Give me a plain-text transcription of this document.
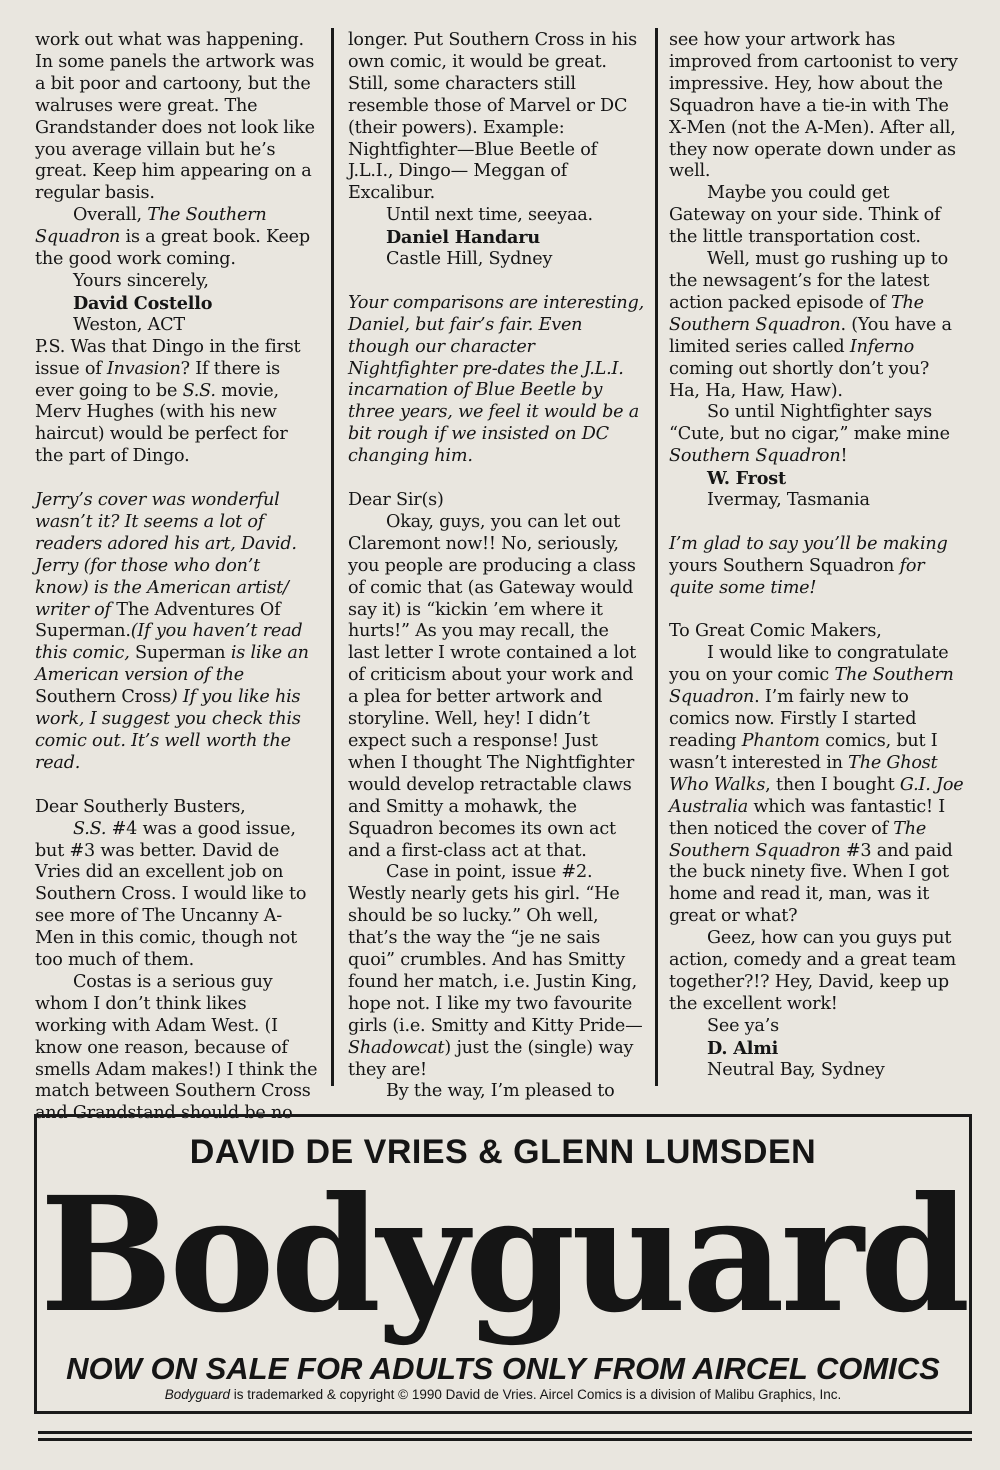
work out what was happening. In some panels the artwork was a bit poor and cartoony, but the walruses were great. The Grandstander does not look like you average villain but he’s great. Keep him appearing on a regular basis.

Overall, The Southern Squadron is a great book. Keep the good work coming.

Yours sincerely,

David Costello

Weston, ACT

P.S. Was that Dingo in the first issue of Invasion? If there is ever going to be S.S. movie, Merv Hughes (with his new haircut) would be perfect for the part of Dingo.

Jerry’s cover was wonderful wasn’t it? It seems a lot of readers adored his art, David. Jerry (for those who don’t know) is the American artist/ writer of The Adventures Of Superman.(If you haven’t read this comic, Superman is like an American version of the Southern Cross) If you like his work, I suggest you check this comic out. It’s well worth the read.

Dear Southerly Busters,

S.S. #4 was a good issue, but #3 was better. David de Vries did an excellent job on Southern Cross. I would like to see more of The Uncanny A-Men in this comic, though not too much of them.

Costas is a serious guy whom I don’t think likes working with Adam West. (I know one reason, because of smells Adam makes!) I think the match between Southern Cross and Grandstand should be no

longer. Put Southern Cross in his own comic, it would be great. Still, some characters still resemble those of Marvel or DC (their powers). Example: Nightfighter—Blue Beetle of J.L.I., Dingo— Meggan of Excalibur.

Until next time, seeyaa.

Daniel Handaru

Castle Hill, Sydney

Your comparisons are interesting, Daniel, but fair’s fair. Even though our character Nightfighter pre-dates the J.L.I. incarnation of Blue Beetle by three years, we feel it would be a bit rough if we insisted on DC changing him.

Dear Sir(s)

Okay, guys, you can let out Claremont now!! No, seriously, you people are producing a class of comic that (as Gateway would say it) is “kickin ’em where it hurts!” As you may recall, the last letter I wrote contained a lot of criticism about your work and a plea for better artwork and storyline. Well, hey! I didn’t expect such a response! Just when I thought The Nightfighter would develop retractable claws and Smitty a mohawk, the Squadron becomes its own act and a first-class act at that.

Case in point, issue #2. Westly nearly gets his girl. “He should be so lucky.” Oh well, that’s the way the “je ne sais quoi” crumbles. And has Smitty found her match, i.e. Justin King, hope not. I like my two favourite girls (i.e. Smitty and Kitty Pride—Shadowcat) just the (single) way they are!

By the way, I’m pleased to

see how your artwork has improved from cartoonist to very impressive. Hey, how about the Squadron have a tie-in with The X-Men (not the A-Men). After all, they now operate down under as well.

Maybe you could get Gateway on your side. Think of the little transportation cost.

Well, must go rushing up to the newsagent’s for the latest action packed episode of The Southern Squadron. (You have a limited series called Inferno coming out shortly don’t you? Ha, Ha, Haw, Haw).

So until Nightfighter says “Cute, but no cigar,” make mine Southern Squadron!

W. Frost

Ivermay, Tasmania

I’m glad to say you’ll be making yours Southern Squadron for quite some time!

To Great Comic Makers,

I would like to congratulate you on your comic The Southern Squadron. I’m fairly new to comics now. Firstly I started reading Phantom comics, but I wasn’t interested in The Ghost Who Walks, then I bought G.I. Joe Australia which was fantastic! I then noticed the cover of The Southern Squadron #3 and paid the buck ninety five. When I got home and read it, man, was it great or what?

Geez, how can you guys put action, comedy and a great team together?!? Hey, David, keep up the excellent work!

See ya’s

D. Almi

Neutral Bay, Sydney

DAVID DE VRIES & GLENN LUMSDEN
Bodyguard
NOW ON SALE FOR ADULTS ONLY FROM AIRCEL COMICS
Bodyguard is trademarked & copyright © 1990 David de Vries. Aircel Comics is a division of Malibu Graphics, Inc.
